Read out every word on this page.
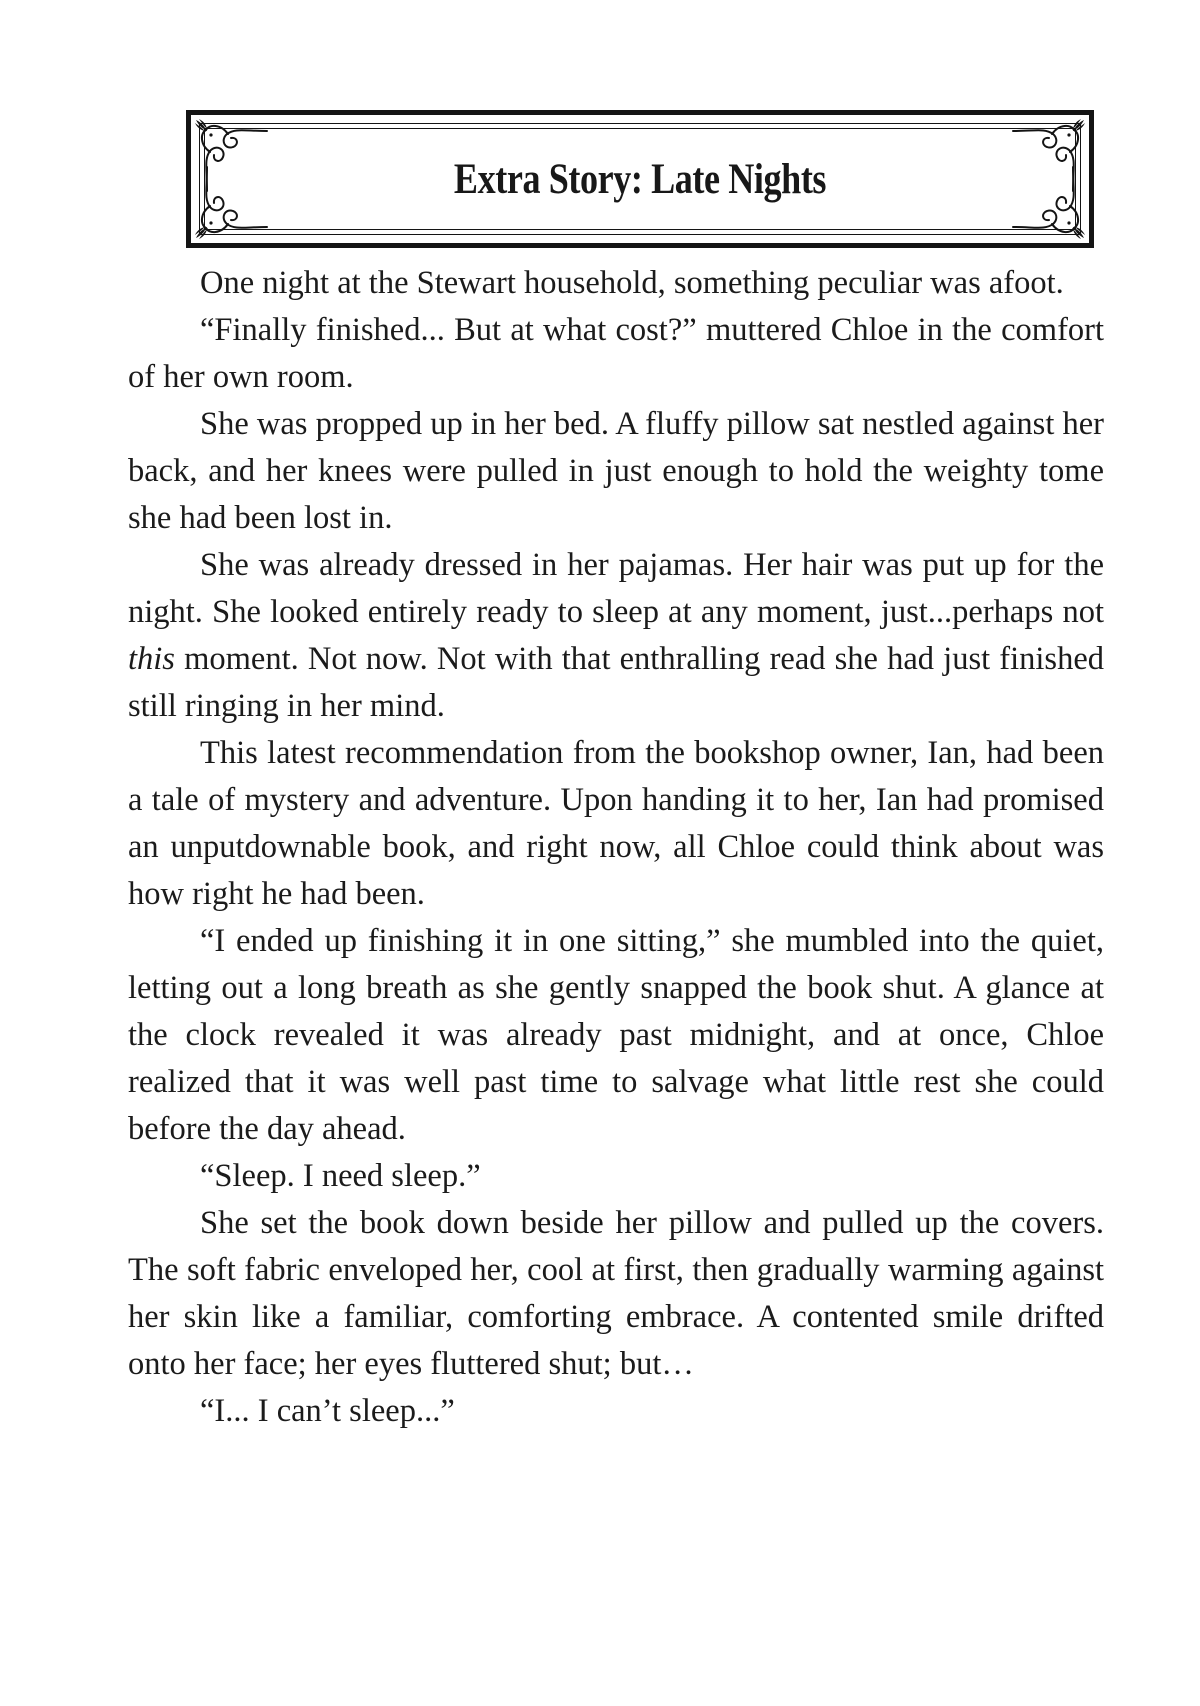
Extra Story: Late Nights

One night at the Stewart household, something peculiar was afoot.

“Finally finished... But at what cost?” muttered Chloe in the comfort of her own room.

She was propped up in her bed. A fluffy pillow sat nestled against her back, and her knees were pulled in just enough to hold the weighty tome she had been lost in.

She was already dressed in her pajamas. Her hair was put up for the night. She looked entirely ready to sleep at any moment, just...perhaps not this moment. Not now. Not with that enthralling read she had just finished still ringing in her mind.

This latest recommendation from the bookshop owner, Ian, had been a tale of mystery and adventure. Upon handing it to her, Ian had promised an unputdownable book, and right now, all Chloe could think about was how right he had been.

“I ended up finishing it in one sitting,” she mumbled into the quiet, letting out a long breath as she gently snapped the book shut. A glance at the clock revealed it was already past midnight, and at once, Chloe realized that it was well past time to salvage what little rest she could before the day ahead.

“Sleep. I need sleep.”

She set the book down beside her pillow and pulled up the covers. The soft fabric enveloped her, cool at first, then gradually warming against her skin like a familiar, comforting embrace. A contented smile drifted onto her face; her eyes fluttered shut; but…

“I... I can’t sleep...”
